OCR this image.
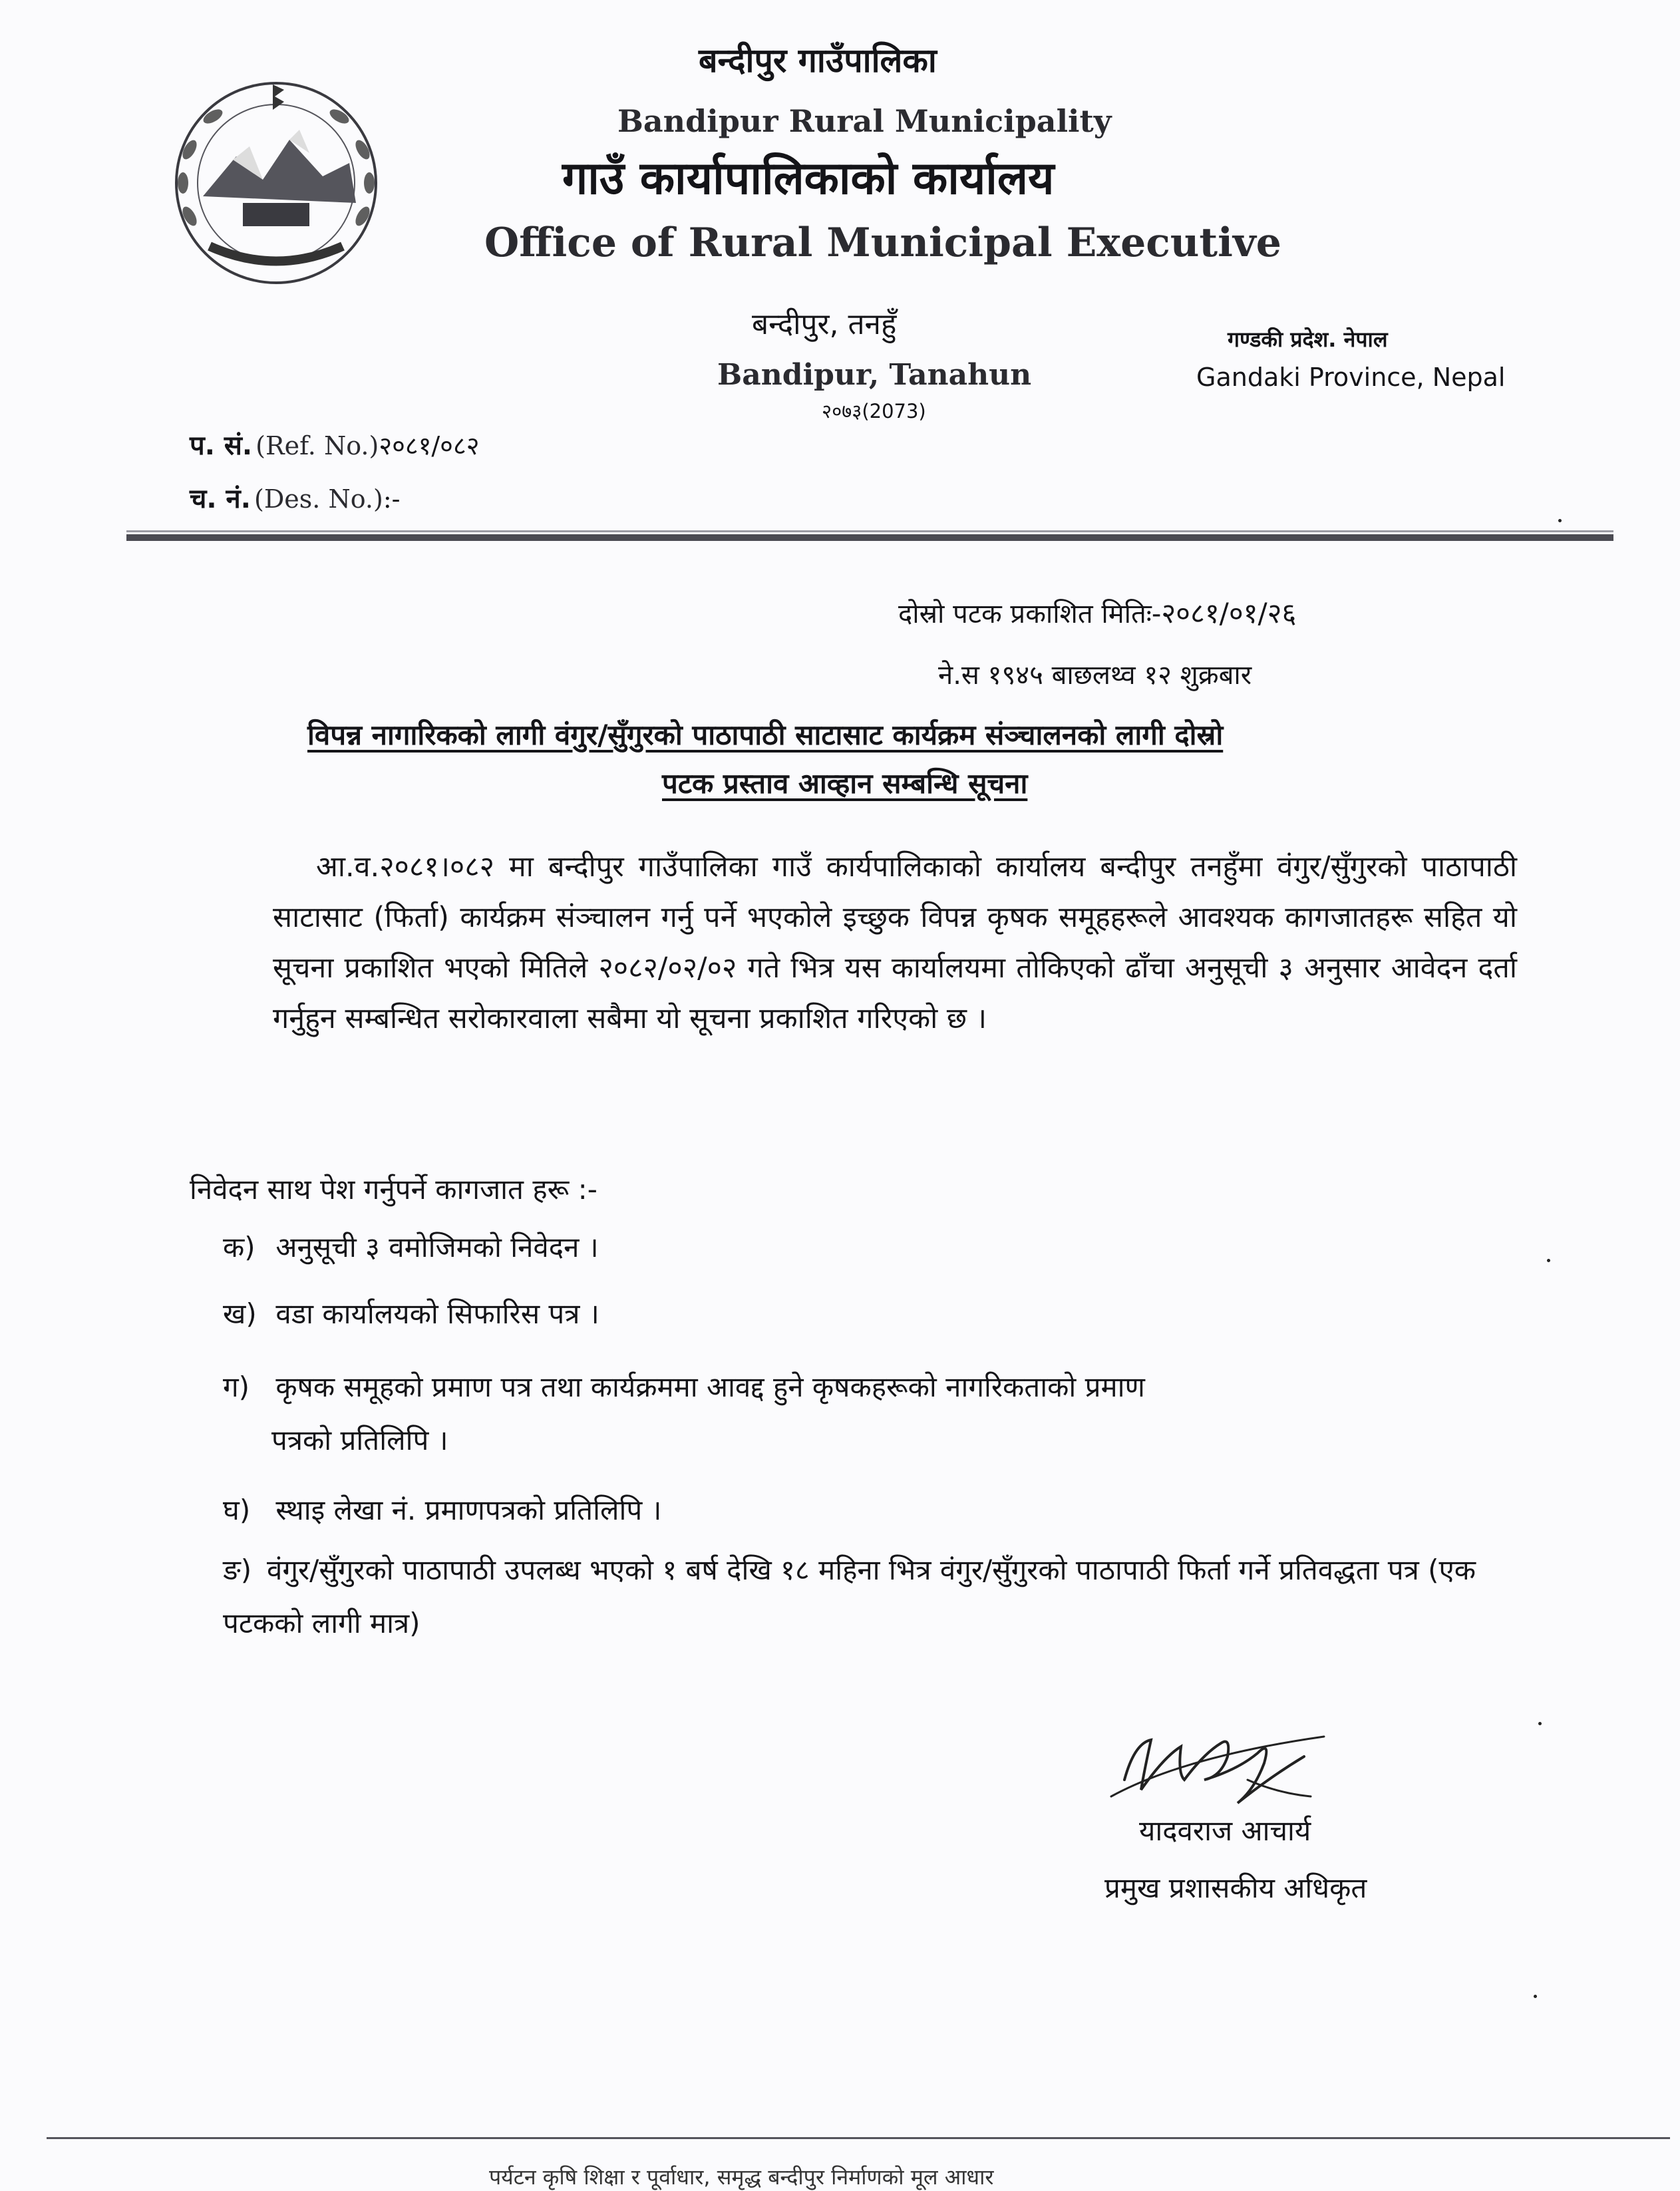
बन्दीपुर गाउँपालिका
Bandipur Rural Municipality
गाउँ कार्यापालिकाको कार्यालय
Office of Rural Municipal Executive
बन्दीपुर, तनहुँ
Bandipur, Tanahun
२०७३(2073)
गण्डकी प्रदेश. नेपाल
Gandaki Province, Nepal
प. सं. (Ref. No.)२०८१/०८२
च. नं. (Des. No.):-
दोस्रो पटक प्रकाशित मितिः-२०८१/०१/२६
ने.स १९४५ बाछलथ्व १२ शुक्रबार
विपन्न नागारिकको लागी वंगुर/सुँगुरको पाठापाठी साटासाट कार्यक्रम संञ्चालनको लागी दोस्रो
पटक प्रस्ताव आव्हान सम्बन्धि सूचना
आ.व.२०८१।०८२ मा बन्दीपुर गाउँपालिका गाउँ कार्यपालिकाको कार्यालय बन्दीपुर तनहुँमा वंगुर/सुँगुरको पाठापाठी साटासाट (फिर्ता) कार्यक्रम संञ्चालन गर्नु पर्ने भएकोले इच्छुक विपन्न कृषक समूहहरूले आवश्यक कागजातहरू सहित यो सूचना प्रकाशित भएको मितिले २०८२/०२/०२ गते भित्र यस कार्यालयमा तोकिएको ढाँचा अनुसूची ३ अनुसार आवेदन दर्ता गर्नुहुन सम्बन्धित सरोकारवाला सबैमा यो सूचना प्रकाशित गरिएको छ ।
निवेदन साथ पेश गर्नुपर्ने कागजात हरू :-
क) अनुसूची ३ वमोजिमको निवेदन ।
ख) वडा कार्यालयको सिफारिस पत्र ।
ग) कृषक समूहको प्रमाण पत्र तथा कार्यक्रममा आवद्द हुने कृषकहरूको नागरिकताको प्रमाण
पत्रको प्रतिलिपि ।
घ) स्थाइ लेखा नं. प्रमाणपत्रको प्रतिलिपि ।
ङ) वंगुर/सुँगुरको पाठापाठी उपलब्ध भएको १ बर्ष देखि १८ महिना भित्र वंगुर/सुँगुरको पाठापाठी फिर्ता गर्ने प्रतिवद्धता पत्र (एक पटकको लागी मात्र)
यादवराज आचार्य
प्रमुख प्रशासकीय अधिकृत
पर्यटन कृषि शिक्षा र पूर्वाधार, समृद्ध बन्दीपुर निर्माणको मूल आधार
